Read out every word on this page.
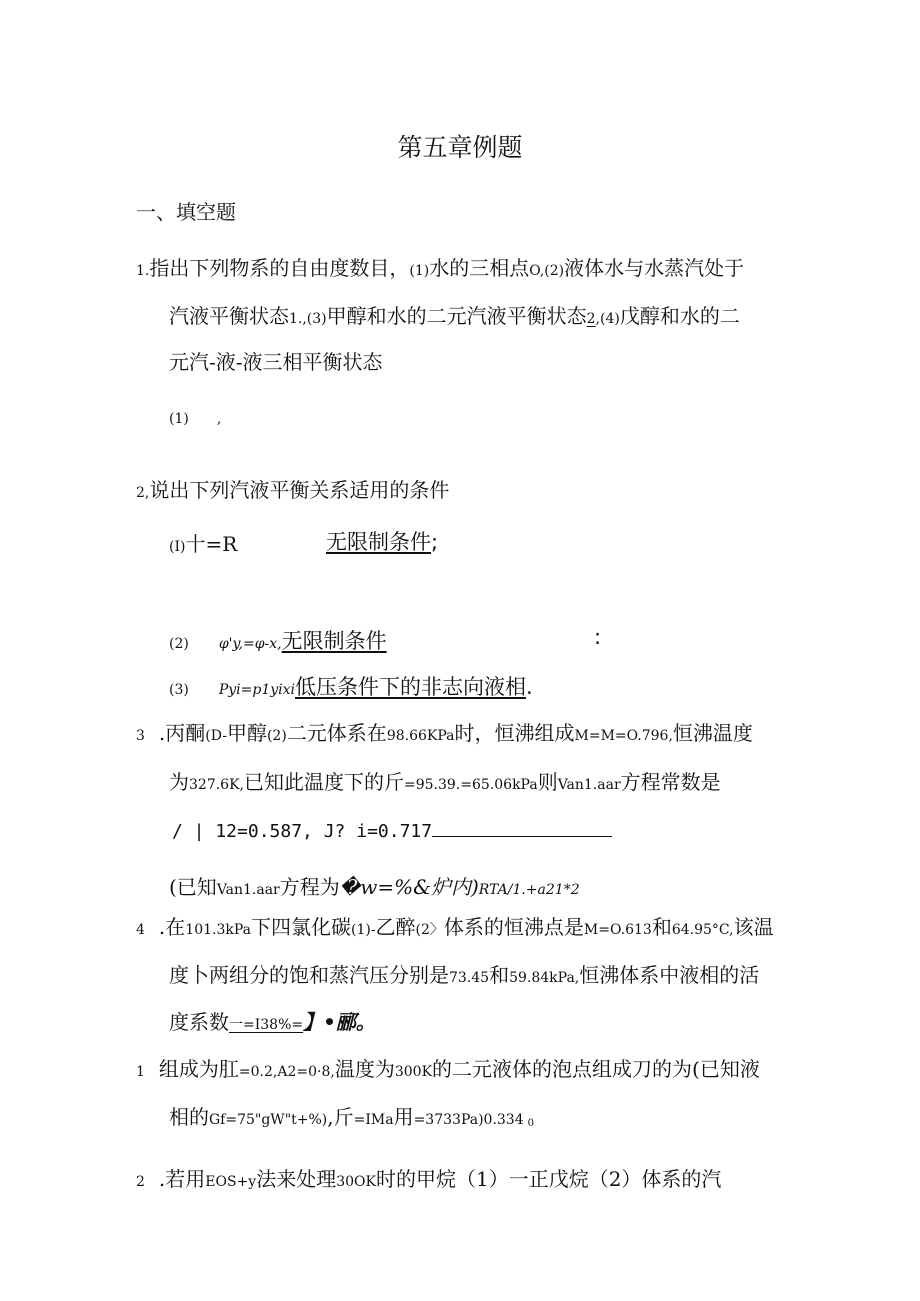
第五章例题
一、填空题
1.指出下列物系的自由度数目，(1)水的三相点O,(2)液体水与水蒸汽处于
汽液平衡状态1.,(3)甲醇和水的二元汽液平衡状态2,(4)戊醇和水的二
元汽-液-液三相平衡状态
(1) ,
2,说出下列汽液平衡关系适用的条件
(I)十=R	无限制条件;
(2) φ'y,=φ-x,无限制条件	:
(3) Pyi=p1yixi低压条件下的非志向液相.
3 .丙酮(D-甲醇(2)二元体系在98.66KPa时，恒沸组成M=M=O.796,恒沸温度
为327.6K,已知此温度下的斤=95.39.=65.06kPa则Van1.aar方程常数是
/ | 12=0.587, J? i=0.717
(已知Van1.aar方程为�w=%&炉内)RTA/1.+a21*2
4 .在101.3kPa下四氯化碳(1)-乙醉(2〉体系的恒沸点是M=O.613和64.95°C,该温
度卜两组分的饱和蒸汽压分别是73.45和59.84kPa,恒沸体系中液相的活
度系数一=I38%=】•郦。
1 组成为肛=0.2,A2=0·8,温度为300K的二元液体的泡点组成刀的为(已知液
相的Gf=75"gW"t+%),斤=IMa用=3733Pa)0.334 0
2 .若用EOS+y法来处理30OK时的甲烷（1）一正戊烷（2）体系的汽
